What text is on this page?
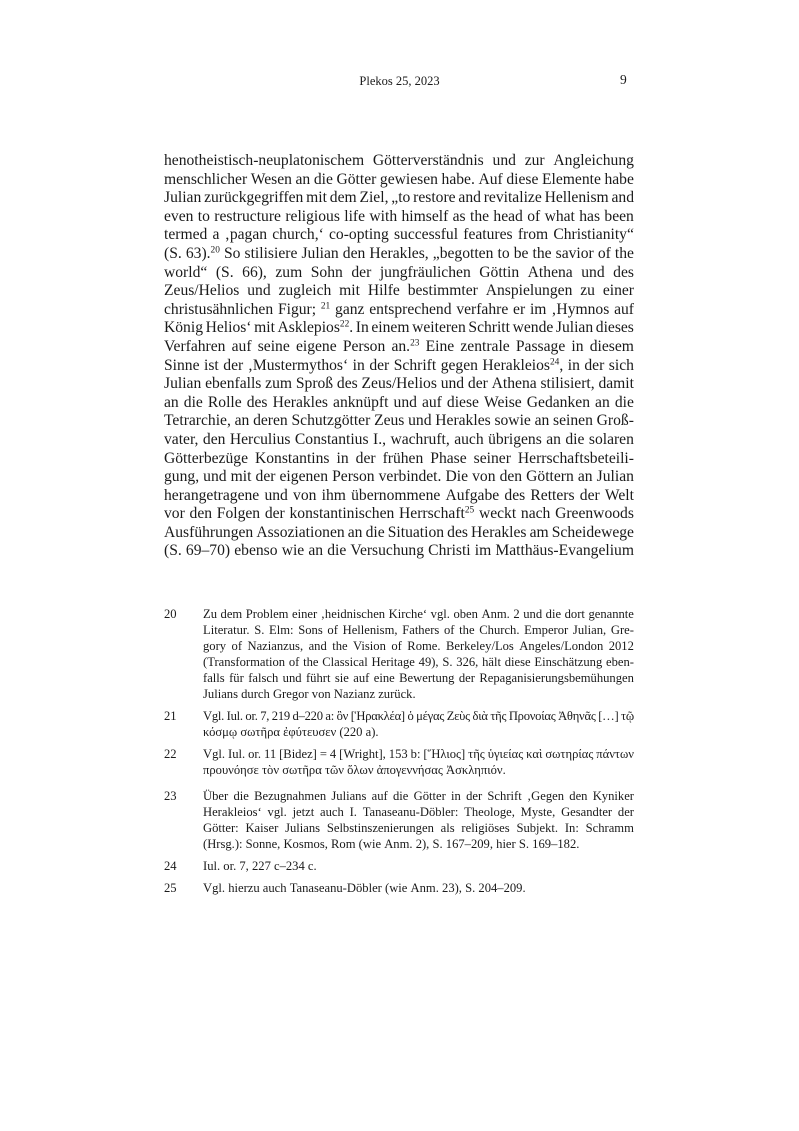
Plekos 25, 2023	9
henotheistisch-neuplatonischem Götterverständnis und zur Angleichung
menschlicher Wesen an die Götter gewiesen habe. Auf diese Elemente habe
Julian zurückgegriffen mit dem Ziel, „to restore and revitalize Hellenism and
even to restructure religious life with himself as the head of what has been
termed a ‚pagan church,‘ co-opting successful features from Christianity“
(S. 63).$^{20}$ So stilisiere Julian den Herakles, „begotten to be the savior of the
world“ (S. 66), zum Sohn der jungfräulichen Göttin Athena und des
Zeus/Helios und zugleich mit Hilfe bestimmter Anspielungen zu einer
christusähnlichen Figur; $^{21}$ ganz entsprechend verfahre er im ‚Hymnos auf
König Helios‘ mit Asklepios$^{22}$. In einem weiteren Schritt wende Julian dieses
Verfahren auf seine eigene Person an.$^{23}$ Eine zentrale Passage in diesem
Sinne ist der ‚Mustermythos‘ in der Schrift gegen Herakleios$^{24}$, in der sich
Julian ebenfalls zum Sproß des Zeus/Helios und der Athena stilisiert, damit
an die Rolle des Herakles anknüpft und auf diese Weise Gedanken an die
Tetrarchie, an deren Schutzgötter Zeus und Herakles sowie an seinen Groß-
vater, den Herculius Constantius I., wachruft, auch übrigens an die solaren
Götterbezüge Konstantins in der frühen Phase seiner Herrschaftsbeteili-
gung, und mit der eigenen Person verbindet. Die von den Göttern an Julian
herangetragene und von ihm übernommene Aufgabe des Retters der Welt
vor den Folgen der konstantinischen Herrschaft$^{25}$ weckt nach Greenwoods
Ausführungen Assoziationen an die Situation des Herakles am Scheidewege
(S. 69–70) ebenso wie an die Versuchung Christi im Matthäus-Evangelium
20	Zu dem Problem einer ‚heidnischen Kirche‘ vgl. oben Anm. 2 und die dort genannte
Literatur. S. Elm: Sons of Hellenism, Fathers of the Church. Emperor Julian, Gre-
gory of Nazianzus, and the Vision of Rome. Berkeley/Los Angeles/London 2012
(Transformation of the Classical Heritage 49), S. 326, hält diese Einschätzung eben-
falls für falsch und führt sie auf eine Bewertung der Repaganisierungsbemühungen
Julians durch Gregor von Nazianz zurück.
21	Vgl. Iul. or. 7, 219 d–220 a: ὃν [Ἡρακλέα] ὁ μέγας Ζεὺς διὰ τῆς Προνοίας Ἀθηνᾶς […] τῷ
κόσμῳ σωτῆρα ἐφύτευσεν (220 a).
22	Vgl. Iul. or. 11 [Bidez] = 4 [Wright], 153 b: [Ἥλιος] τῆς ὑγιείας καὶ σωτηρίας πάντων
προυνόησε τὸν σωτῆρα τῶν ὅλων ἀπογεννήσας Ἀσκληπιόν.
23	Über die Bezugnahmen Julians auf die Götter in der Schrift ‚Gegen den Kyniker
Herakleios‘ vgl. jetzt auch I. Tanaseanu-Döbler: Theologe, Myste, Gesandter der
Götter: Kaiser Julians Selbstinszenierungen als religiöses Subjekt. In: Schramm
(Hrsg.): Sonne, Kosmos, Rom (wie Anm. 2), S. 167–209, hier S. 169–182.
24	Iul. or. 7, 227 c–234 c.
25	Vgl. hierzu auch Tanaseanu-Döbler (wie Anm. 23), S. 204–209.
